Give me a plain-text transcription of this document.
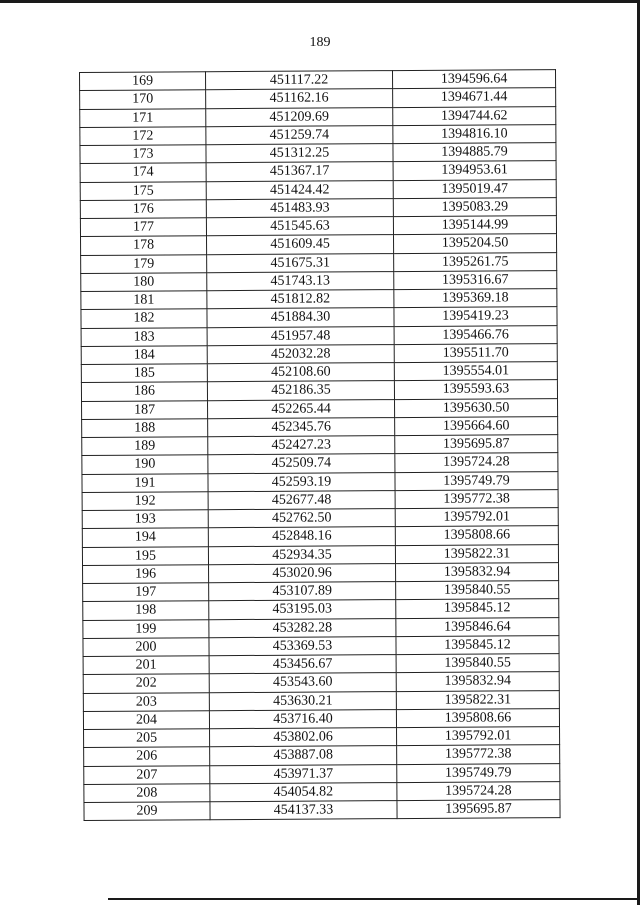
189
169	451117.22	1394596.64
170	451162.16	1394671.44
171	451209.69	1394744.62
172	451259.74	1394816.10
173	451312.25	1394885.79
174	451367.17	1394953.61
175	451424.42	1395019.47
176	451483.93	1395083.29
177	451545.63	1395144.99
178	451609.45	1395204.50
179	451675.31	1395261.75
180	451743.13	1395316.67
181	451812.82	1395369.18
182	451884.30	1395419.23
183	451957.48	1395466.76
184	452032.28	1395511.70
185	452108.60	1395554.01
186	452186.35	1395593.63
187	452265.44	1395630.50
188	452345.76	1395664.60
189	452427.23	1395695.87
190	452509.74	1395724.28
191	452593.19	1395749.79
192	452677.48	1395772.38
193	452762.50	1395792.01
194	452848.16	1395808.66
195	452934.35	1395822.31
196	453020.96	1395832.94
197	453107.89	1395840.55
198	453195.03	1395845.12
199	453282.28	1395846.64
200	453369.53	1395845.12
201	453456.67	1395840.55
202	453543.60	1395832.94
203	453630.21	1395822.31
204	453716.40	1395808.66
205	453802.06	1395792.01
206	453887.08	1395772.38
207	453971.37	1395749.79
208	454054.82	1395724.28
209	454137.33	1395695.87
